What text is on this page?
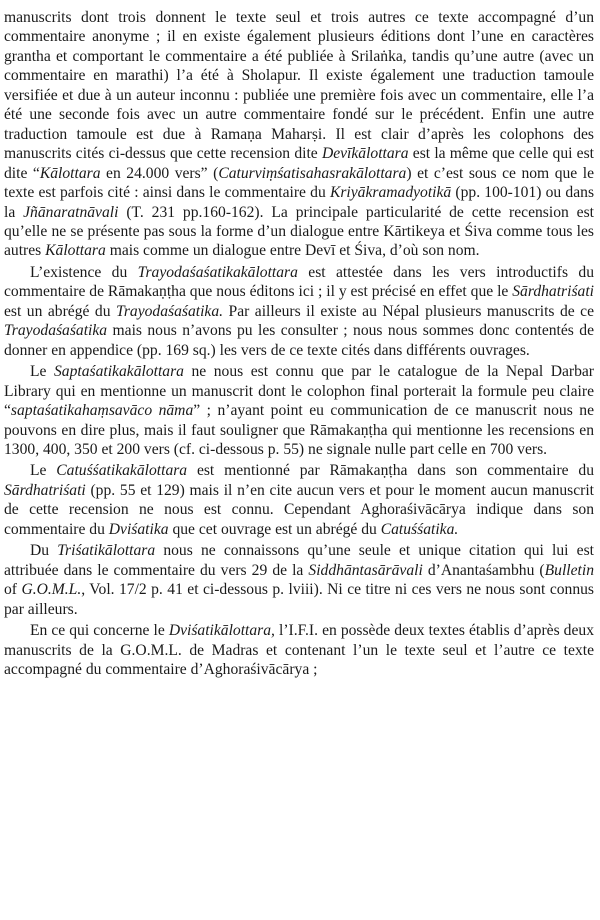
manuscrits dont trois donnent le texte seul et trois autres ce texte accompagné d’un commentaire anonyme ; il en existe également plusieurs éditions dont l’une en caractères grantha et comportant le commentaire a été publiée à Srilaṅka, tandis qu’une autre (avec un commentaire en marathi) l’a été à Sholapur. Il existe également une traduction tamoule versifiée et due à un auteur inconnu : publiée une première fois avec un commentaire, elle l’a été une seconde fois avec un autre commentaire fondé sur le précédent. Enfin une autre traduction tamoule est due à Ramaṇa Maharṣi. Il est clair d’après les colophons des manuscrits cités ci-dessus que cette recension dite Devīkālottara est la même que celle qui est dite “Kālottara en 24.000 vers” (Caturviṃśatisahasrakālottara) et c’est sous ce nom que le texte est parfois cité : ainsi dans le commentaire du Kriyākramadyotikā (pp. 100-101) ou dans la Jñānaratnāvali (T. 231 pp.160-162). La principale particularité de cette recension est qu’elle ne se présente pas sous la forme d’un dialogue entre Kārtikeya et Śiva comme tous les autres Kālottara mais comme un dialogue entre Devī et Śiva, d’où son nom.

L’existence du Trayodaśaśatikakālottara est attestée dans les vers introductifs du commentaire de Rāmakaṇṭha que nous éditons ici ; il y est précisé en effet que le Sārdhatriśati est un abrégé du Trayodaśaśatika. Par ailleurs il existe au Népal plusieurs manuscrits de ce Trayodaśaśatika mais nous n’avons pu les consulter ; nous nous sommes donc contentés de donner en appendice (pp. 169 sq.) les vers de ce texte cités dans différents ouvrages.

Le Saptaśatikakālottara ne nous est connu que par le catalogue de la Nepal Darbar Library qui en mentionne un manuscrit dont le colophon final porterait la formule peu claire “saptaśatikahaṃsavāco nāma” ; n’ayant point eu communication de ce manuscrit nous ne pouvons en dire plus, mais il faut souligner que Rāmakaṇṭha qui mentionne les recensions en 1300, 400, 350 et 200 vers (cf. ci-dessous p. 55) ne signale nulle part celle en 700 vers.

Le Catuśśatikakālottara est mentionné par Rāmakaṇṭha dans son commentaire du Sārdhatriśati (pp. 55 et 129) mais il n’en cite aucun vers et pour le moment aucun manuscrit de cette recension ne nous est connu. Cependant Aghoraśivācārya indique dans son commentaire du Dviśatika que cet ouvrage est un abrégé du Catuśśatika.

Du Triśatikālottara nous ne connaissons qu’une seule et unique citation qui lui est attribuée dans le commentaire du vers 29 de la Siddhāntasārāvali d’Anantaśambhu (Bulletin of G.O.M.L., Vol. 17/2 p. 41 et ci-dessous p. lviii). Ni ce titre ni ces vers ne nous sont connus par ailleurs.

En ce qui concerne le Dviśatikālottara, l’I.F.I. en possède deux textes établis d’après deux manuscrits de la G.O.M.L. de Madras et contenant l’un le texte seul et l’autre ce texte accompagné du commentaire d’Aghoraśivācārya ;
